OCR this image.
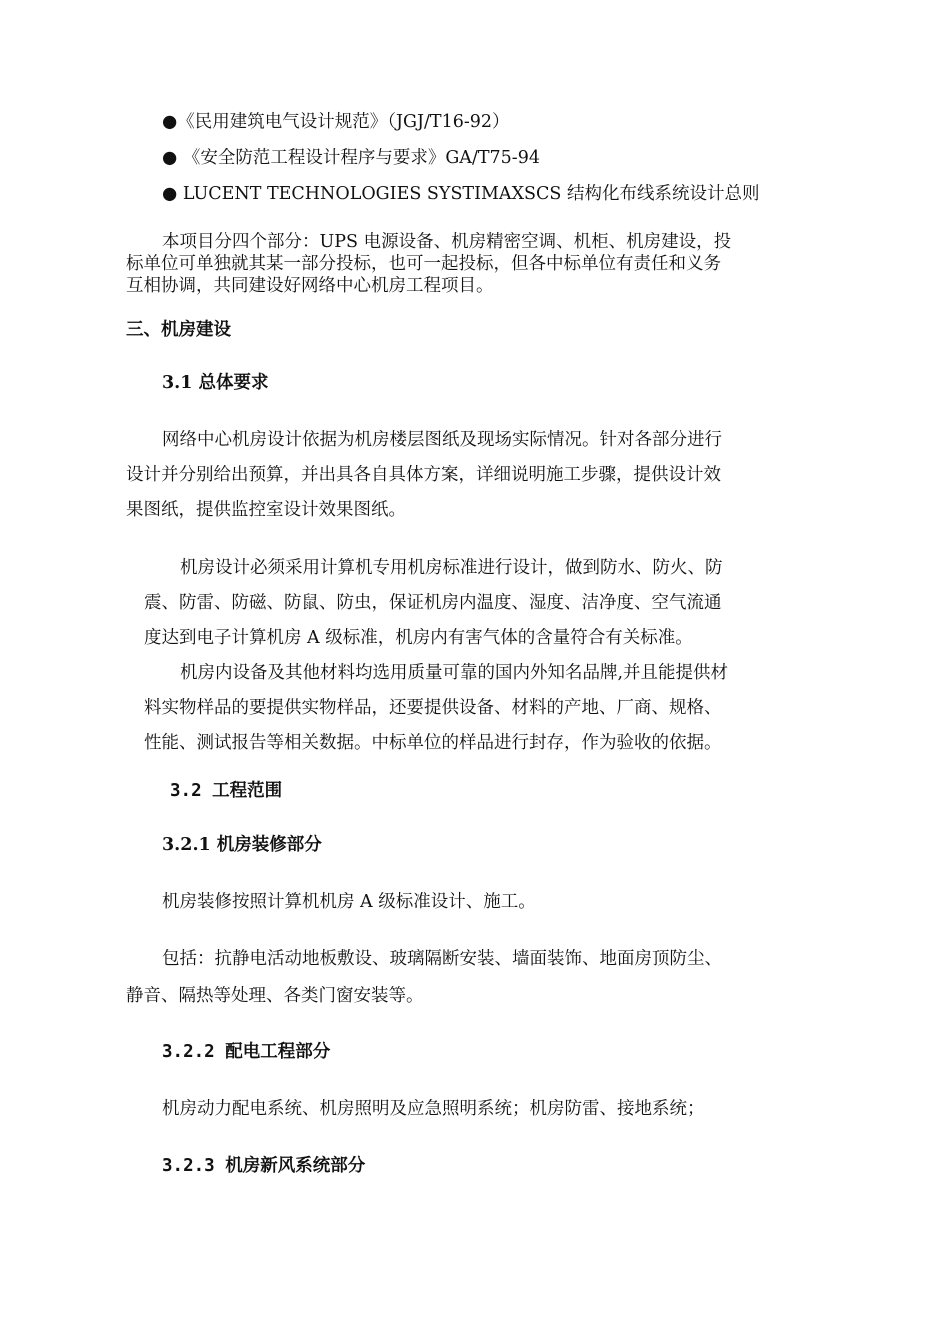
●《民用建筑电气设计规范》（JGJ/T16-92）
● 《安全防范工程设计程序与要求》GA/T75-94
● LUCENT TECHNOLOGIES SYSTIMAXSCS 结构化布线系统设计总则
本项目分四个部分：UPS 电源设备、机房精密空调、机柜、机房建设，投
标单位可单独就其某一部分投标，也可一起投标，但各中标单位有责任和义务
互相协调，共同建设好网络中心机房工程项目。
三、机房建设
3.1 总体要求
网络中心机房设计依据为机房楼层图纸及现场实际情况。针对各部分进行
设计并分别给出预算，并出具各自具体方案，详细说明施工步骤，提供设计效
果图纸，提供监控室设计效果图纸。
机房设计必须采用计算机专用机房标准进行设计，做到防水、防火、防
震、防雷、防磁、防鼠、防虫，保证机房内温度、湿度、洁净度、空气流通
度达到电子计算机房 A 级标准，机房内有害气体的含量符合有关标准。
机房内设备及其他材料均选用质量可靠的国内外知名品牌,并且能提供材
料实物样品的要提供实物样品，还要提供设备、材料的产地、厂商、规格、
性能、测试报告等相关数据。中标单位的样品进行封存，作为验收的依据。
3.2 工程范围
3.2.1 机房装修部分
机房装修按照计算机机房 A 级标准设计、施工。
包括：抗静电活动地板敷设、玻璃隔断安装、墙面装饰、地面房顶防尘、
静音、隔热等处理、各类门窗安装等。
3.2.2 配电工程部分
机房动力配电系统、机房照明及应急照明系统；机房防雷、接地系统；
3.2.3 机房新风系统部分
